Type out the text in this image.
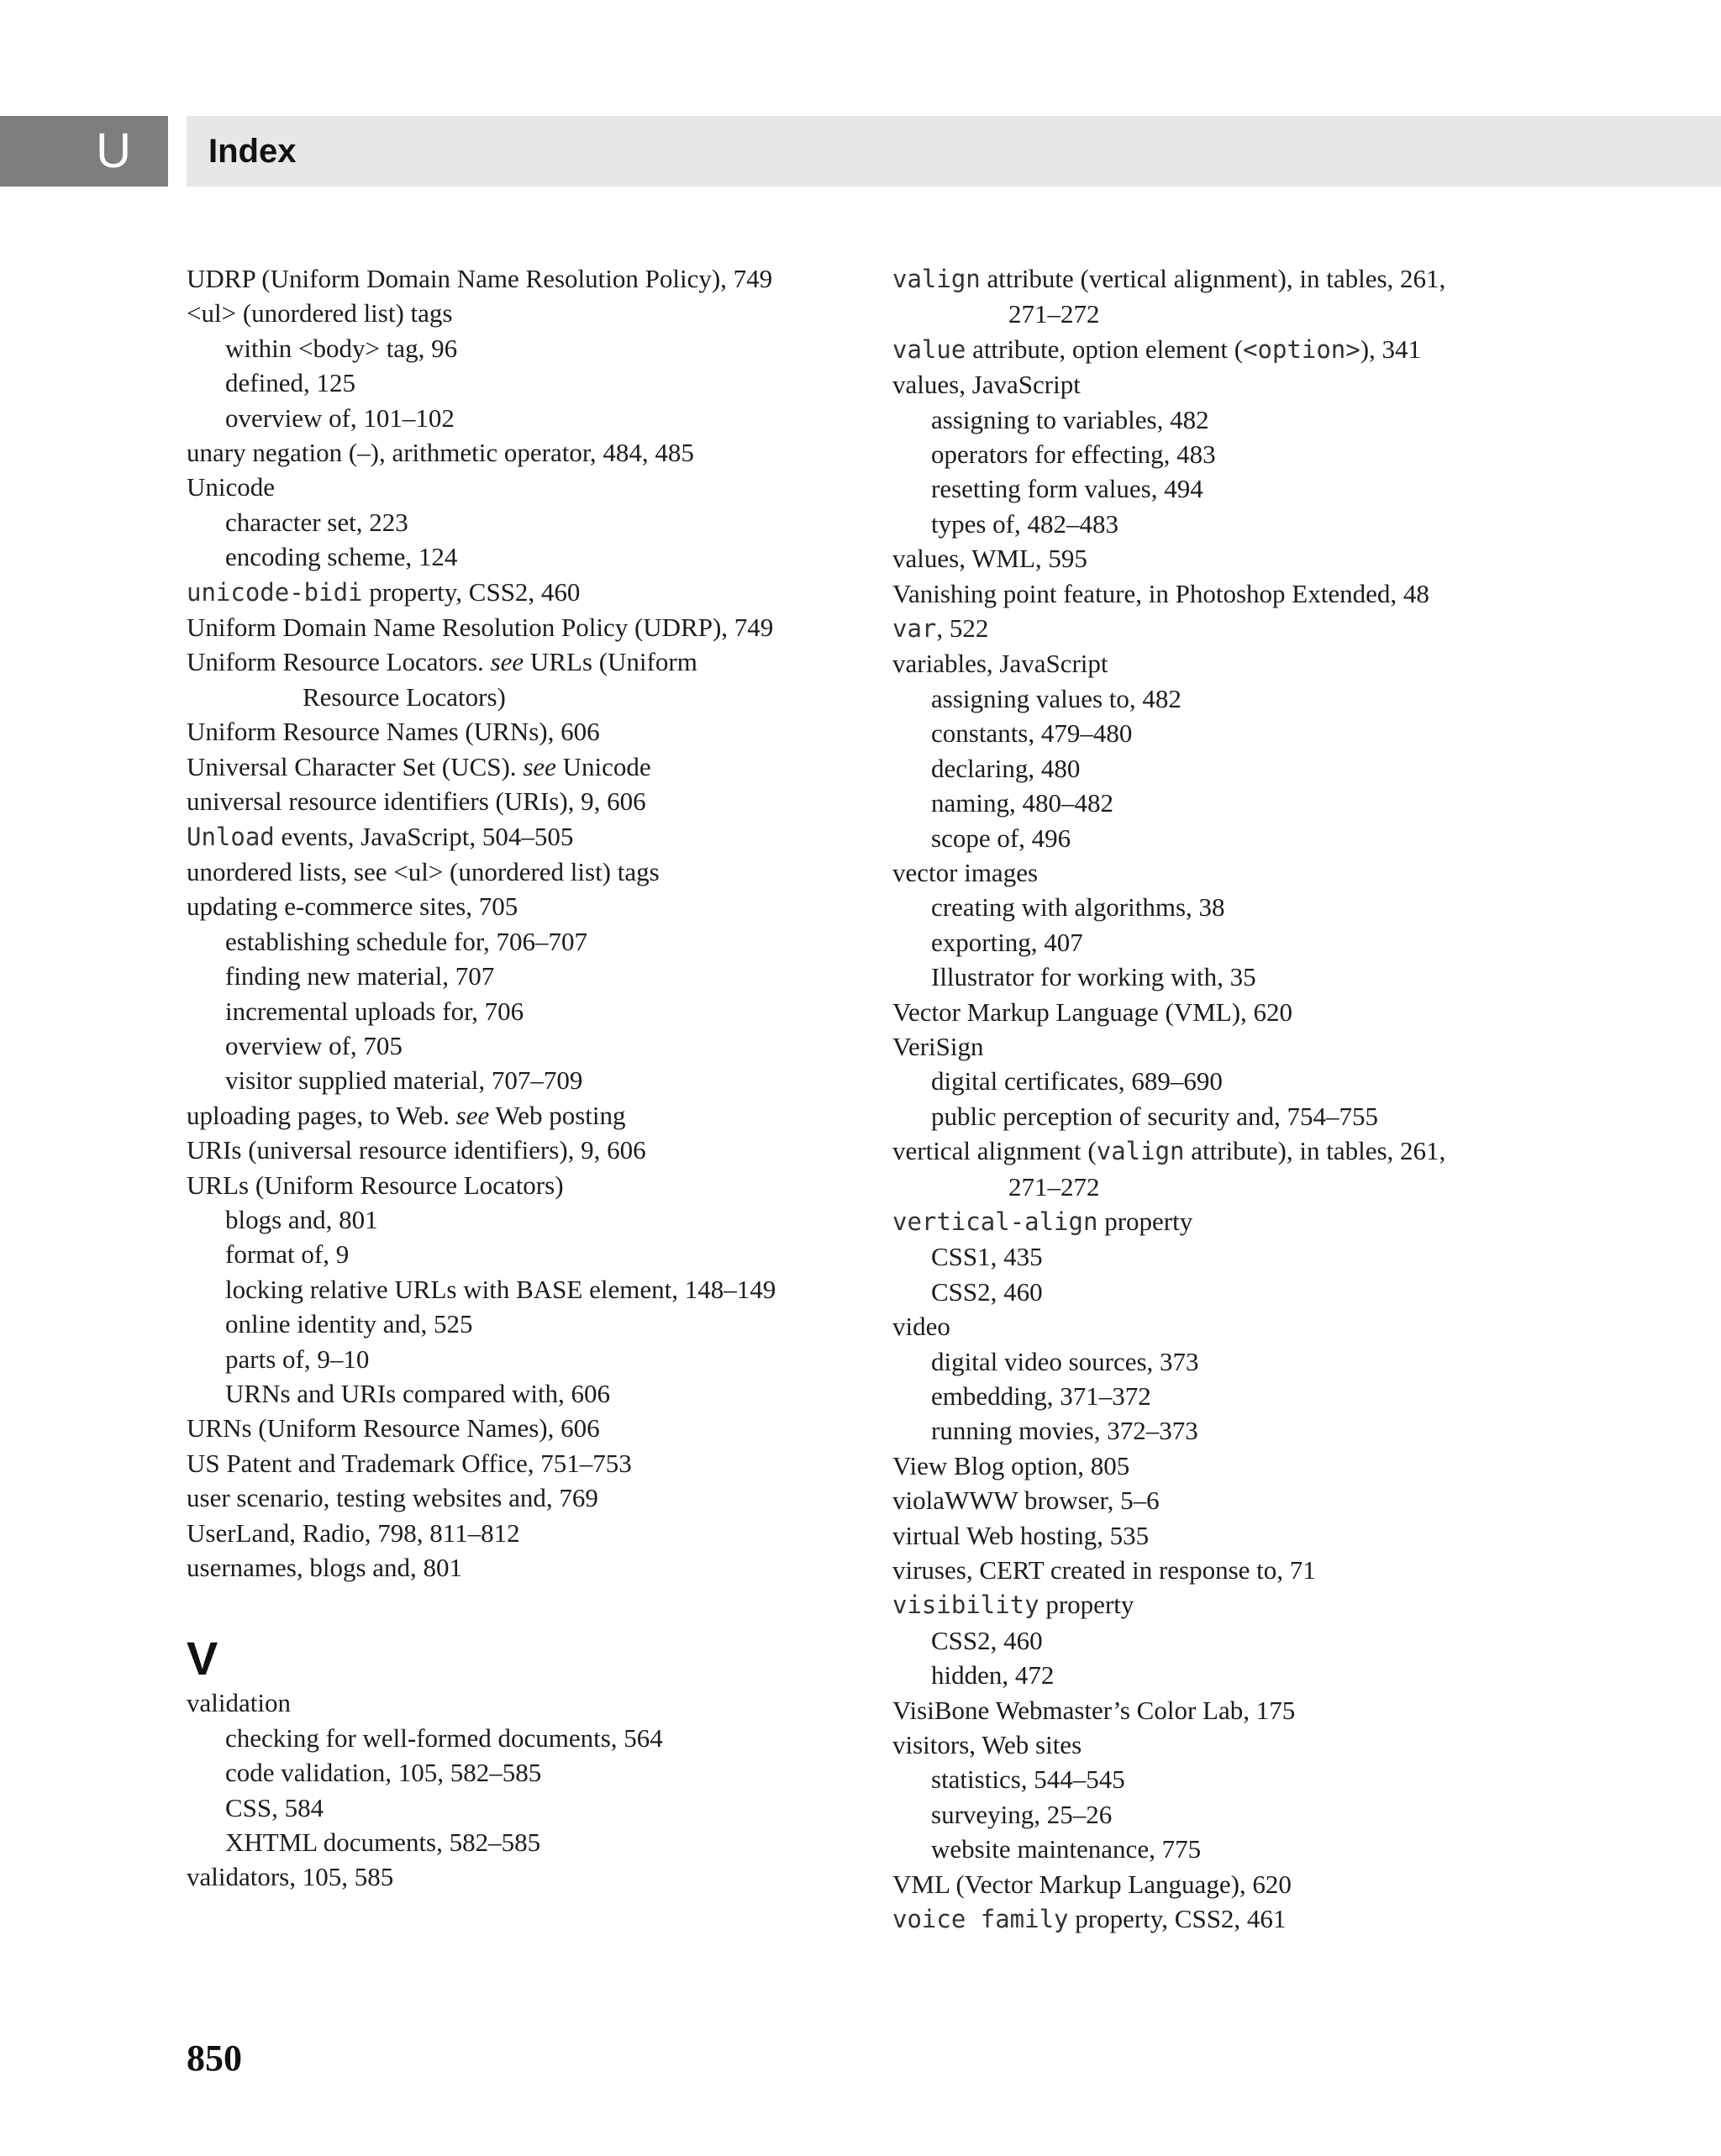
U	Index
UDRP (Uniform Domain Name Resolution Policy), 749
<ul> (unordered list) tags
within <body> tag, 96
defined, 125
overview of, 101–102
unary negation (–), arithmetic operator, 484, 485
Unicode
character set, 223
encoding scheme, 124
unicode-bidi property, CSS2, 460
Uniform Domain Name Resolution Policy (UDRP), 749
Uniform Resource Locators. see URLs (Uniform
Resource Locators)
Uniform Resource Names (URNs), 606
Universal Character Set (UCS). see Unicode
universal resource identifiers (URIs), 9, 606
Unload events, JavaScript, 504–505
unordered lists, see <ul> (unordered list) tags
updating e-commerce sites, 705
establishing schedule for, 706–707
finding new material, 707
incremental uploads for, 706
overview of, 705
visitor supplied material, 707–709
uploading pages, to Web. see Web posting
URIs (universal resource identifiers), 9, 606
URLs (Uniform Resource Locators)
blogs and, 801
format of, 9
locking relative URLs with BASE element, 148–149
online identity and, 525
parts of, 9–10
URNs and URIs compared with, 606
URNs (Uniform Resource Names), 606
US Patent and Trademark Office, 751–753
user scenario, testing websites and, 769
UserLand, Radio, 798, 811–812
usernames, blogs and, 801
V
validation
checking for well-formed documents, 564
code validation, 105, 582–585
CSS, 584
XHTML documents, 582–585
validators, 105, 585
valign attribute (vertical alignment), in tables, 261,
271–272
value attribute, option element (<option>), 341
values, JavaScript
assigning to variables, 482
operators for effecting, 483
resetting form values, 494
types of, 482–483
values, WML, 595
Vanishing point feature, in Photoshop Extended, 48
var, 522
variables, JavaScript
assigning values to, 482
constants, 479–480
declaring, 480
naming, 480–482
scope of, 496
vector images
creating with algorithms, 38
exporting, 407
Illustrator for working with, 35
Vector Markup Language (VML), 620
VeriSign
digital certificates, 689–690
public perception of security and, 754–755
vertical alignment (valign attribute), in tables, 261,
271–272
vertical-align property
CSS1, 435
CSS2, 460
video
digital video sources, 373
embedding, 371–372
running movies, 372–373
View Blog option, 805
violaWWW browser, 5–6
virtual Web hosting, 535
viruses, CERT created in response to, 71
visibility property
CSS2, 460
hidden, 472
VisiBone Webmaster’s Color Lab, 175
visitors, Web sites
statistics, 544–545
surveying, 25–26
website maintenance, 775
VML (Vector Markup Language), 620
voice family property, CSS2, 461
850
